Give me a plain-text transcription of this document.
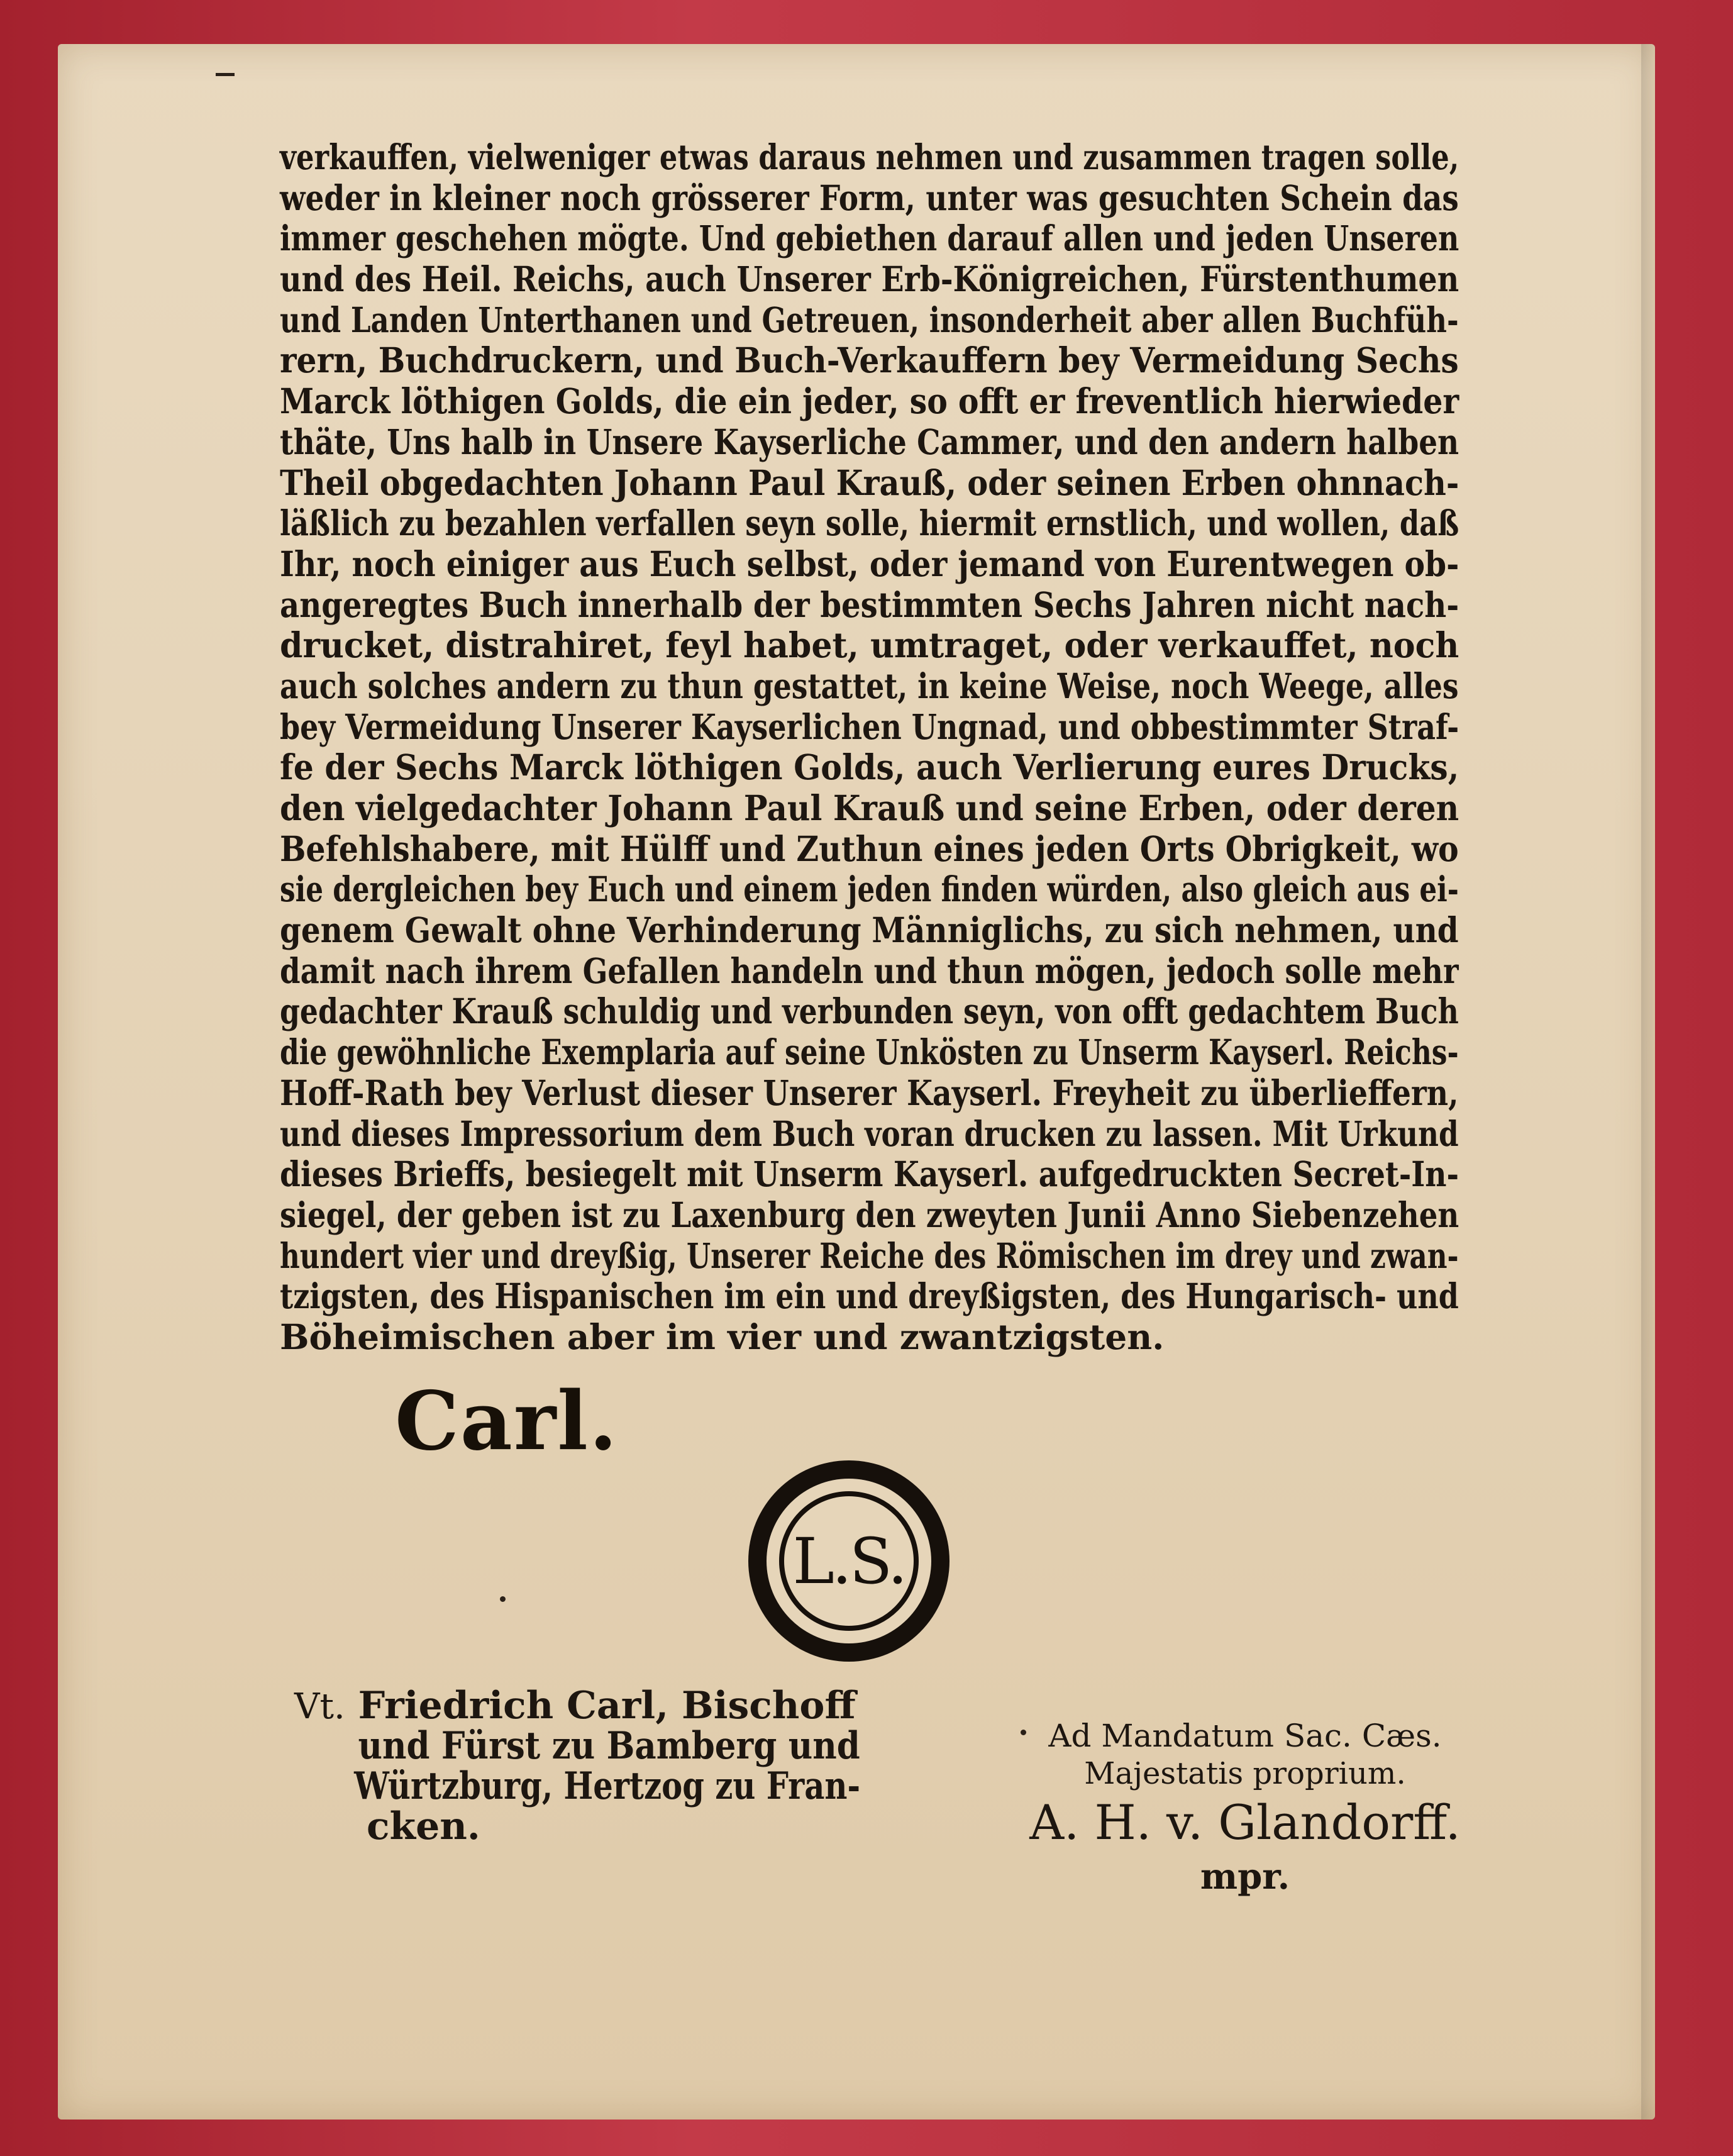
verkauffen, vielweniger etwas daraus nehmen und zusammen tragen solle,
weder in kleiner noch grösserer Form, unter was gesuchten Schein das
immer geschehen mögte. Und gebiethen darauf allen und jeden Unseren
und des Heil. Reichs, auch Unserer Erb-Königreichen, Fürstenthumen
und Landen Unterthanen und Getreuen, insonderheit aber allen Buchfüh-
rern, Buchdruckern, und Buch-Verkauffern bey Vermeidung Sechs
Marck löthigen Golds, die ein jeder, so offt er freventlich hierwieder
thäte, Uns halb in Unsere Kayserliche Cammer, und den andern halben
Theil obgedachten Johann Paul Krauß, oder seinen Erben ohnnach-
läßlich zu bezahlen verfallen seyn solle, hiermit ernstlich, und wollen, daß
Ihr, noch einiger aus Euch selbst, oder jemand von Eurentwegen ob-
angeregtes Buch innerhalb der bestimmten Sechs Jahren nicht nach-
drucket, distrahiret, feyl habet, umtraget, oder verkauffet, noch
auch solches andern zu thun gestattet, in keine Weise, noch Weege, alles
bey Vermeidung Unserer Kayserlichen Ungnad, und obbestimmter Straf-
fe der Sechs Marck löthigen Golds, auch Verlierung eures Drucks,
den vielgedachter Johann Paul Krauß und seine Erben, oder deren
Befehlshabere, mit Hülff und Zuthun eines jeden Orts Obrigkeit, wo
sie dergleichen bey Euch und einem jeden finden würden, also gleich aus ei-
genem Gewalt ohne Verhinderung Männiglichs, zu sich nehmen, und
damit nach ihrem Gefallen handeln und thun mögen, jedoch solle mehr
gedachter Krauß schuldig und verbunden seyn, von offt gedachtem Buch
die gewöhnliche Exemplaria auf seine Unkösten zu Unserm Kayserl. Reichs-
Hoff-Rath bey Verlust dieser Unserer Kayserl. Freyheit zu überlieffern,
und dieses Impressorium dem Buch voran drucken zu lassen. Mit Urkund
dieses Brieffs, besiegelt mit Unserm Kayserl. aufgedruckten Secret-In-
siegel, der geben ist zu Laxenburg den zweyten Junii Anno Siebenzehen
hundert vier und dreyßig, Unserer Reiche des Römischen im drey und zwan-
tzigsten, des Hispanischen im ein und dreyßigsten, des Hungarisch- und
Böheimischen aber im vier und zwantzigsten.
Carl.
L.S.
Vt. Friedrich Carl, Bischoff
und Fürst zu Bamberg und
Würtzburg, Hertzog zu Fran-
cken.
Ad Mandatum Sac. Cæs.
Majestatis proprium.
A. H. v. Glandorff.
mpr.
